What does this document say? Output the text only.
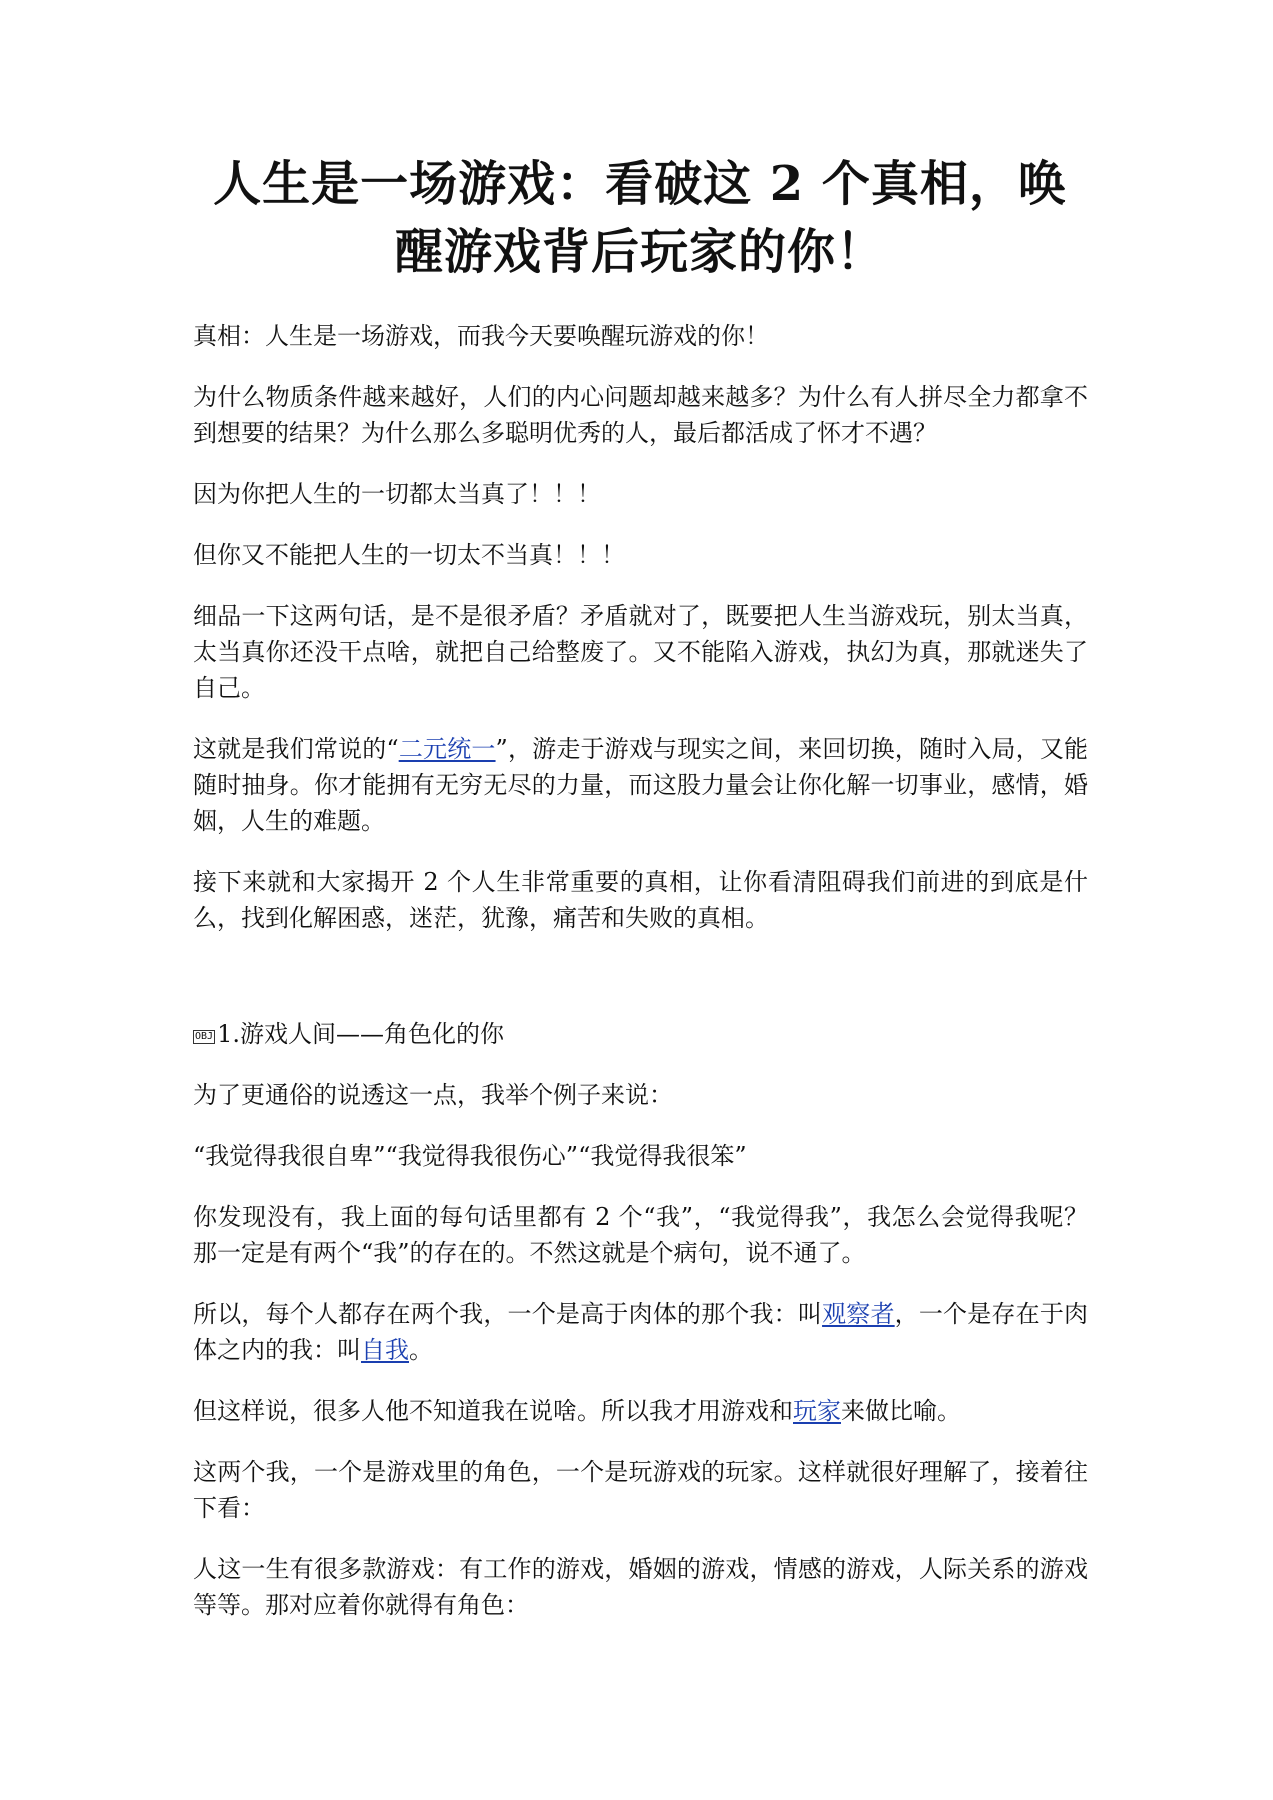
人生是一场游戏：看破这 2 个真相，唤
醒游戏背后玩家的你！

真相：人生是一场游戏，而我今天要唤醒玩游戏的你！

为什么物质条件越来越好，人们的内心问题却越来越多？为什么有人拼尽全力都拿不到想要的结果？为什么那么多聪明优秀的人，最后都活成了怀才不遇？

因为你把人生的一切都太当真了！！！

但你又不能把人生的一切太不当真！！！

细品一下这两句话，是不是很矛盾？矛盾就对了，既要把人生当游戏玩，别太当真，太当真你还没干点啥，就把自己给整废了。又不能陷入游戏，执幻为真，那就迷失了自己。

这就是我们常说的“二元统一”，游走于游戏与现实之间，来回切换，随时入局，又能随时抽身。你才能拥有无穷无尽的力量，而这股力量会让你化解一切事业，感情，婚姻，人生的难题。

接下来就和大家揭开 2 个人生非常重要的真相，让你看清阻碍我们前进的到底是什么，找到化解困惑，迷茫，犹豫，痛苦和失败的真相。

OBJ 1.游戏人间——角色化的你

为了更通俗的说透这一点，我举个例子来说：

“我觉得我很自卑”“我觉得我很伤心”“我觉得我很笨”

你发现没有，我上面的每句话里都有 2 个“我”，“我觉得我”，我怎么会觉得我呢？那一定是有两个“我”的存在的。不然这就是个病句，说不通了。

所以，每个人都存在两个我，一个是高于肉体的那个我：叫观察者，一个是存在于肉体之内的我：叫自我。

但这样说，很多人他不知道我在说啥。所以我才用游戏和玩家来做比喻。

这两个我，一个是游戏里的角色，一个是玩游戏的玩家。这样就很好理解了，接着往下看：

人这一生有很多款游戏：有工作的游戏，婚姻的游戏，情感的游戏，人际关系的游戏等等。那对应着你就得有角色：
